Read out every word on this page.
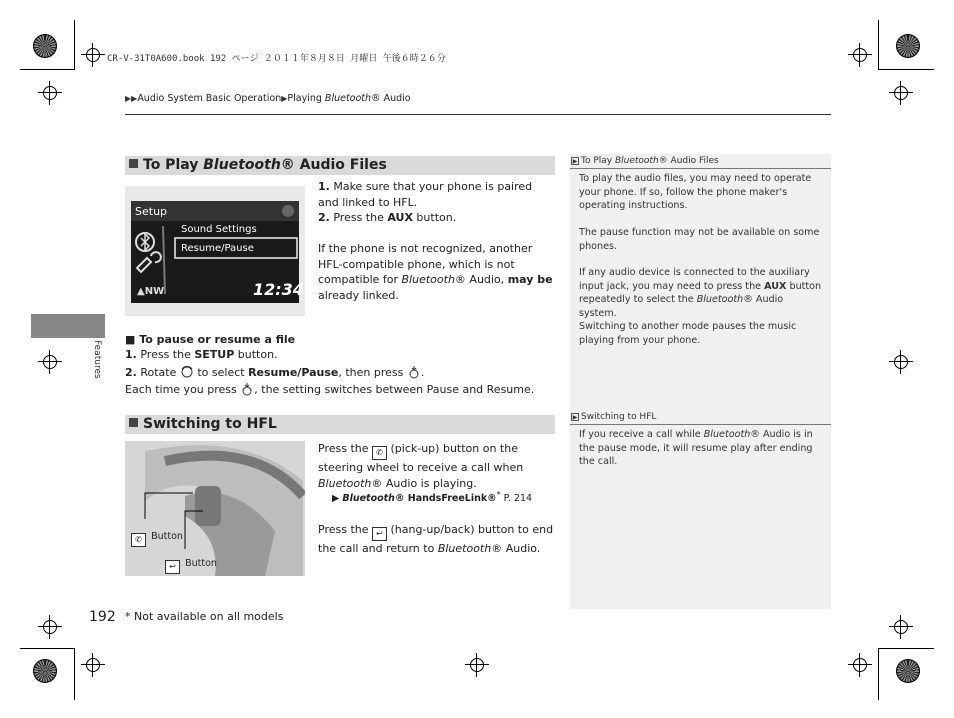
CR-V-31T0A600.book 192 ページ ２０１１年８月８日 月曜日 午後６時２６分
▶▶Audio System Basic Operation▶Playing Bluetooth® Audio
To Play Bluetooth® Audio Files
Setup
Sound Settings
Resume/Pause
▲NW	12:34
1. Make sure that your phone is paired and linked to HFL.
2. Press the AUX button.
If the phone is not recognized, another HFL-compatible phone, which is not compatible for Bluetooth® Audio, may be already linked.
■ To pause or resume a file
1. Press the SETUP button.
2. Rotate  to select Resume/Pause, then press .
Each time you press , the setting switches between Pause and Resume.
Switching to HFL
✆ Button
↩ Button
Press the ✆ (pick-up) button on the steering wheel to receive a call when Bluetooth® Audio is playing.
▶ Bluetooth® HandsFreeLink®* P. 214
Press the ↩ (hang-up/back) button to end the call and return to Bluetooth® Audio.
▶ To Play Bluetooth® Audio Files
To play the audio files, you may need to operate your phone. If so, follow the phone maker's operating instructions.
The pause function may not be available on some phones.
If any audio device is connected to the auxiliary input jack, you may need to press the AUX button repeatedly to select the Bluetooth® Audio system.
Switching to another mode pauses the music playing from your phone.
▶ Switching to HFL
If you receive a call while Bluetooth® Audio is in the pause mode, it will resume play after ending the call.
Features
192 * Not available on all models
